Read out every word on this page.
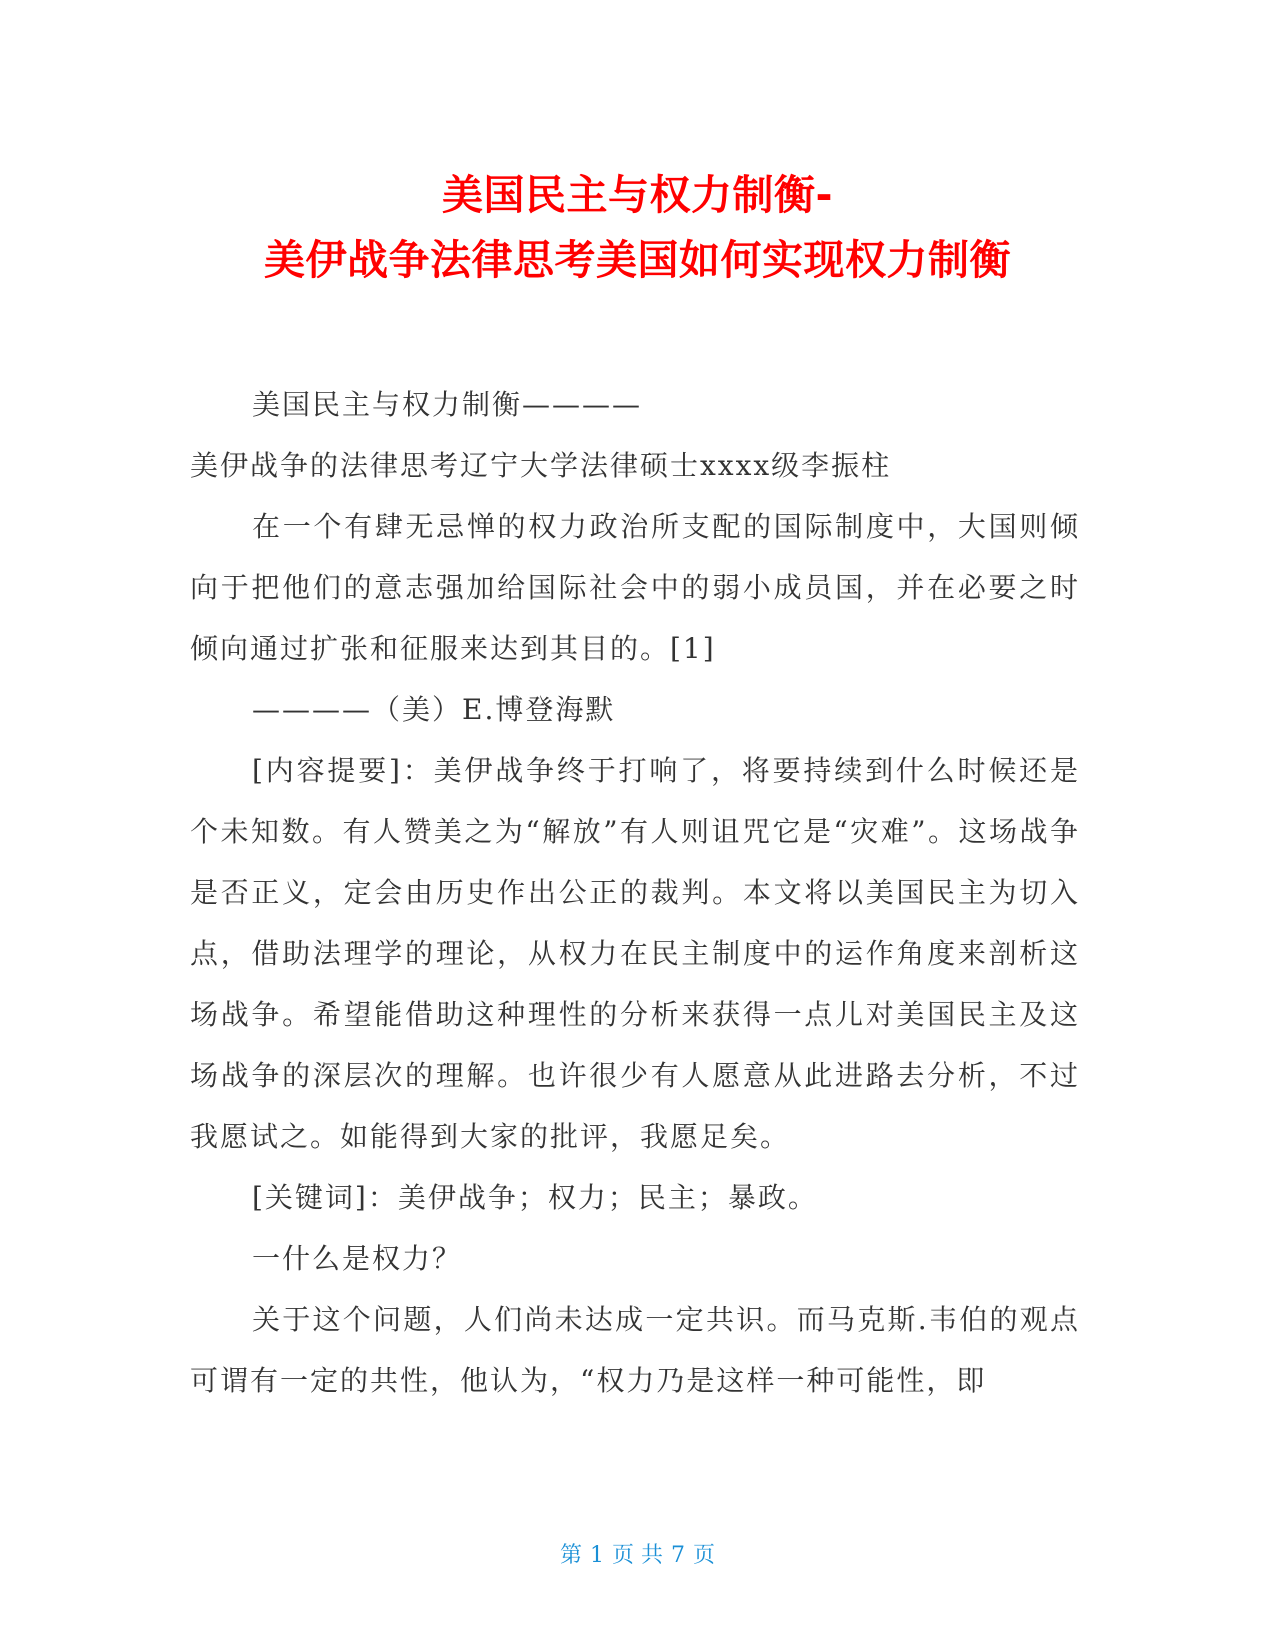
美国民主与权力制衡-
美伊战争法律思考美国如何实现权力制衡

美国民主与权力制衡————

美伊战争的法律思考辽宁大学法律硕士xxxx级李振柱

在一个有肆无忌惮的权力政治所支配的国际制度中，大国则倾向于把他们的意志强加给国际社会中的弱小成员国，并在必要之时倾向通过扩张和征服来达到其目的。[1]

————（美）E.博登海默

[内容提要]：美伊战争终于打响了，将要持续到什么时候还是个未知数。有人赞美之为“解放”有人则诅咒它是“灾难”。这场战争是否正义，定会由历史作出公正的裁判。本文将以美国民主为切入点，借助法理学的理论，从权力在民主制度中的运作角度来剖析这场战争。希望能借助这种理性的分析来获得一点儿对美国民主及这场战争的深层次的理解。也许很少有人愿意从此进路去分析，不过我愿试之。如能得到大家的批评，我愿足矣。

[关键词]：美伊战争；权力；民主；暴政。

一什么是权力？

关于这个问题，人们尚未达成一定共识。而马克斯.韦伯的观点可谓有一定的共性，他认为，“权力乃是这样一种可能性，即

第 1 页 共 7 页
